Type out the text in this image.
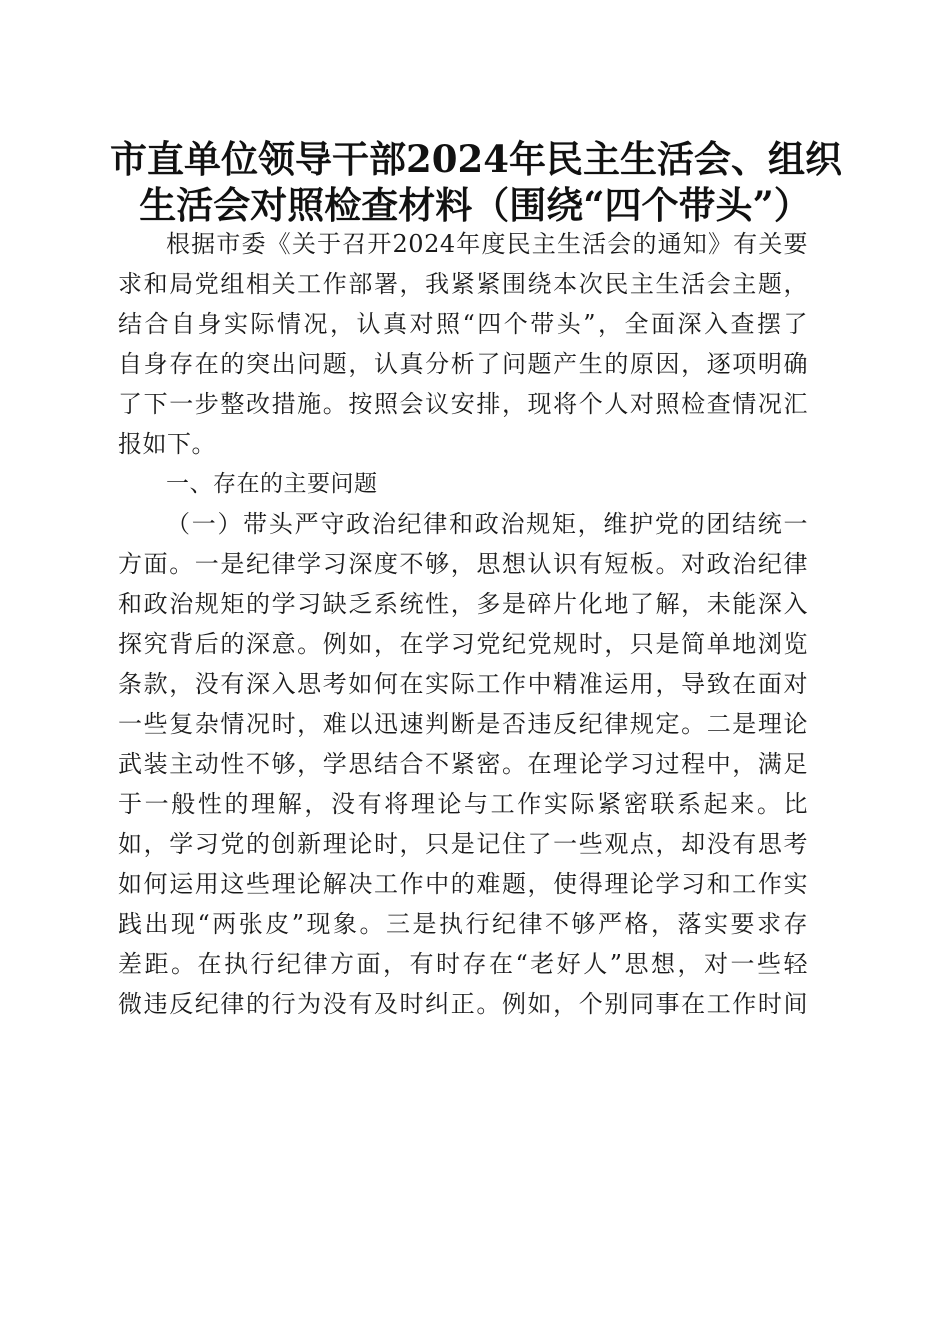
市直单位领导干部2024年民主生活会、组织
生活会对照检查材料（围绕“四个带头”）
根据市委《关于召开2024年度民主生活会的通知》有关要
求和局党组相关工作部署，我紧紧围绕本次民主生活会主题，
结合自身实际情况，认真对照“四个带头”，全面深入查摆了
自身存在的突出问题，认真分析了问题产生的原因，逐项明确
了下一步整改措施。按照会议安排，现将个人对照检查情况汇
报如下。
一、存在的主要问题
（一）带头严守政治纪律和政治规矩，维护党的团结统一
方面。一是纪律学习深度不够，思想认识有短板。对政治纪律
和政治规矩的学习缺乏系统性，多是碎片化地了解，未能深入
探究背后的深意。例如，在学习党纪党规时，只是简单地浏览
条款，没有深入思考如何在实际工作中精准运用，导致在面对
一些复杂情况时，难以迅速判断是否违反纪律规定。二是理论
武装主动性不够，学思结合不紧密。在理论学习过程中，满足
于一般性的理解，没有将理论与工作实际紧密联系起来。比
如，学习党的创新理论时，只是记住了一些观点，却没有思考
如何运用这些理论解决工作中的难题，使得理论学习和工作实
践出现“两张皮”现象。三是执行纪律不够严格，落实要求存
差距。在执行纪律方面，有时存在“老好人”思想，对一些轻
微违反纪律的行为没有及时纠正。例如，个别同事在工作时间
